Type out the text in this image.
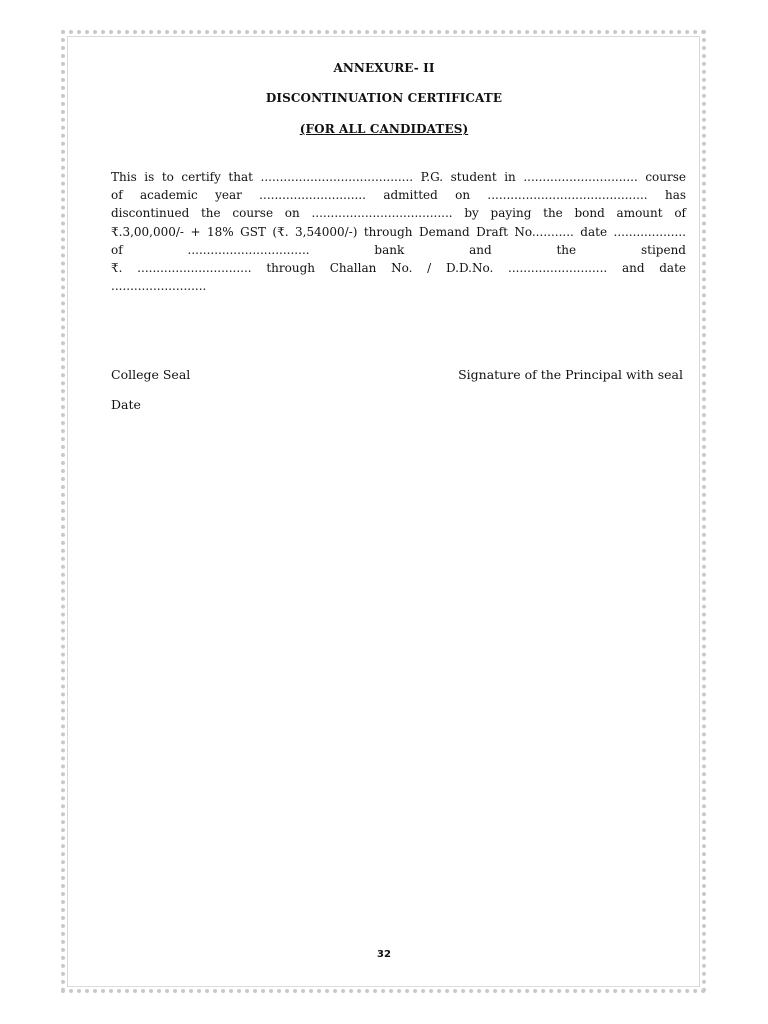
ANNEXURE- II
DISCONTINUATION CERTIFICATE
(FOR ALL CANDIDATES)
This is to certify that ........................................ P.G. student in .............................. course
of academic year ............................ admitted on .......................................... has
discontinued the course on ..................................... by paying the bond amount of
₹.3,00,000/- + 18% GST (₹. 3,54000/-) through Demand Draft No........... date ...................
of ................................ bank and the stipend
₹. .............................. through Challan No. / D.D.No. .......................... and date
.........................
College Seal	Signature of the Principal with seal
Date
32
